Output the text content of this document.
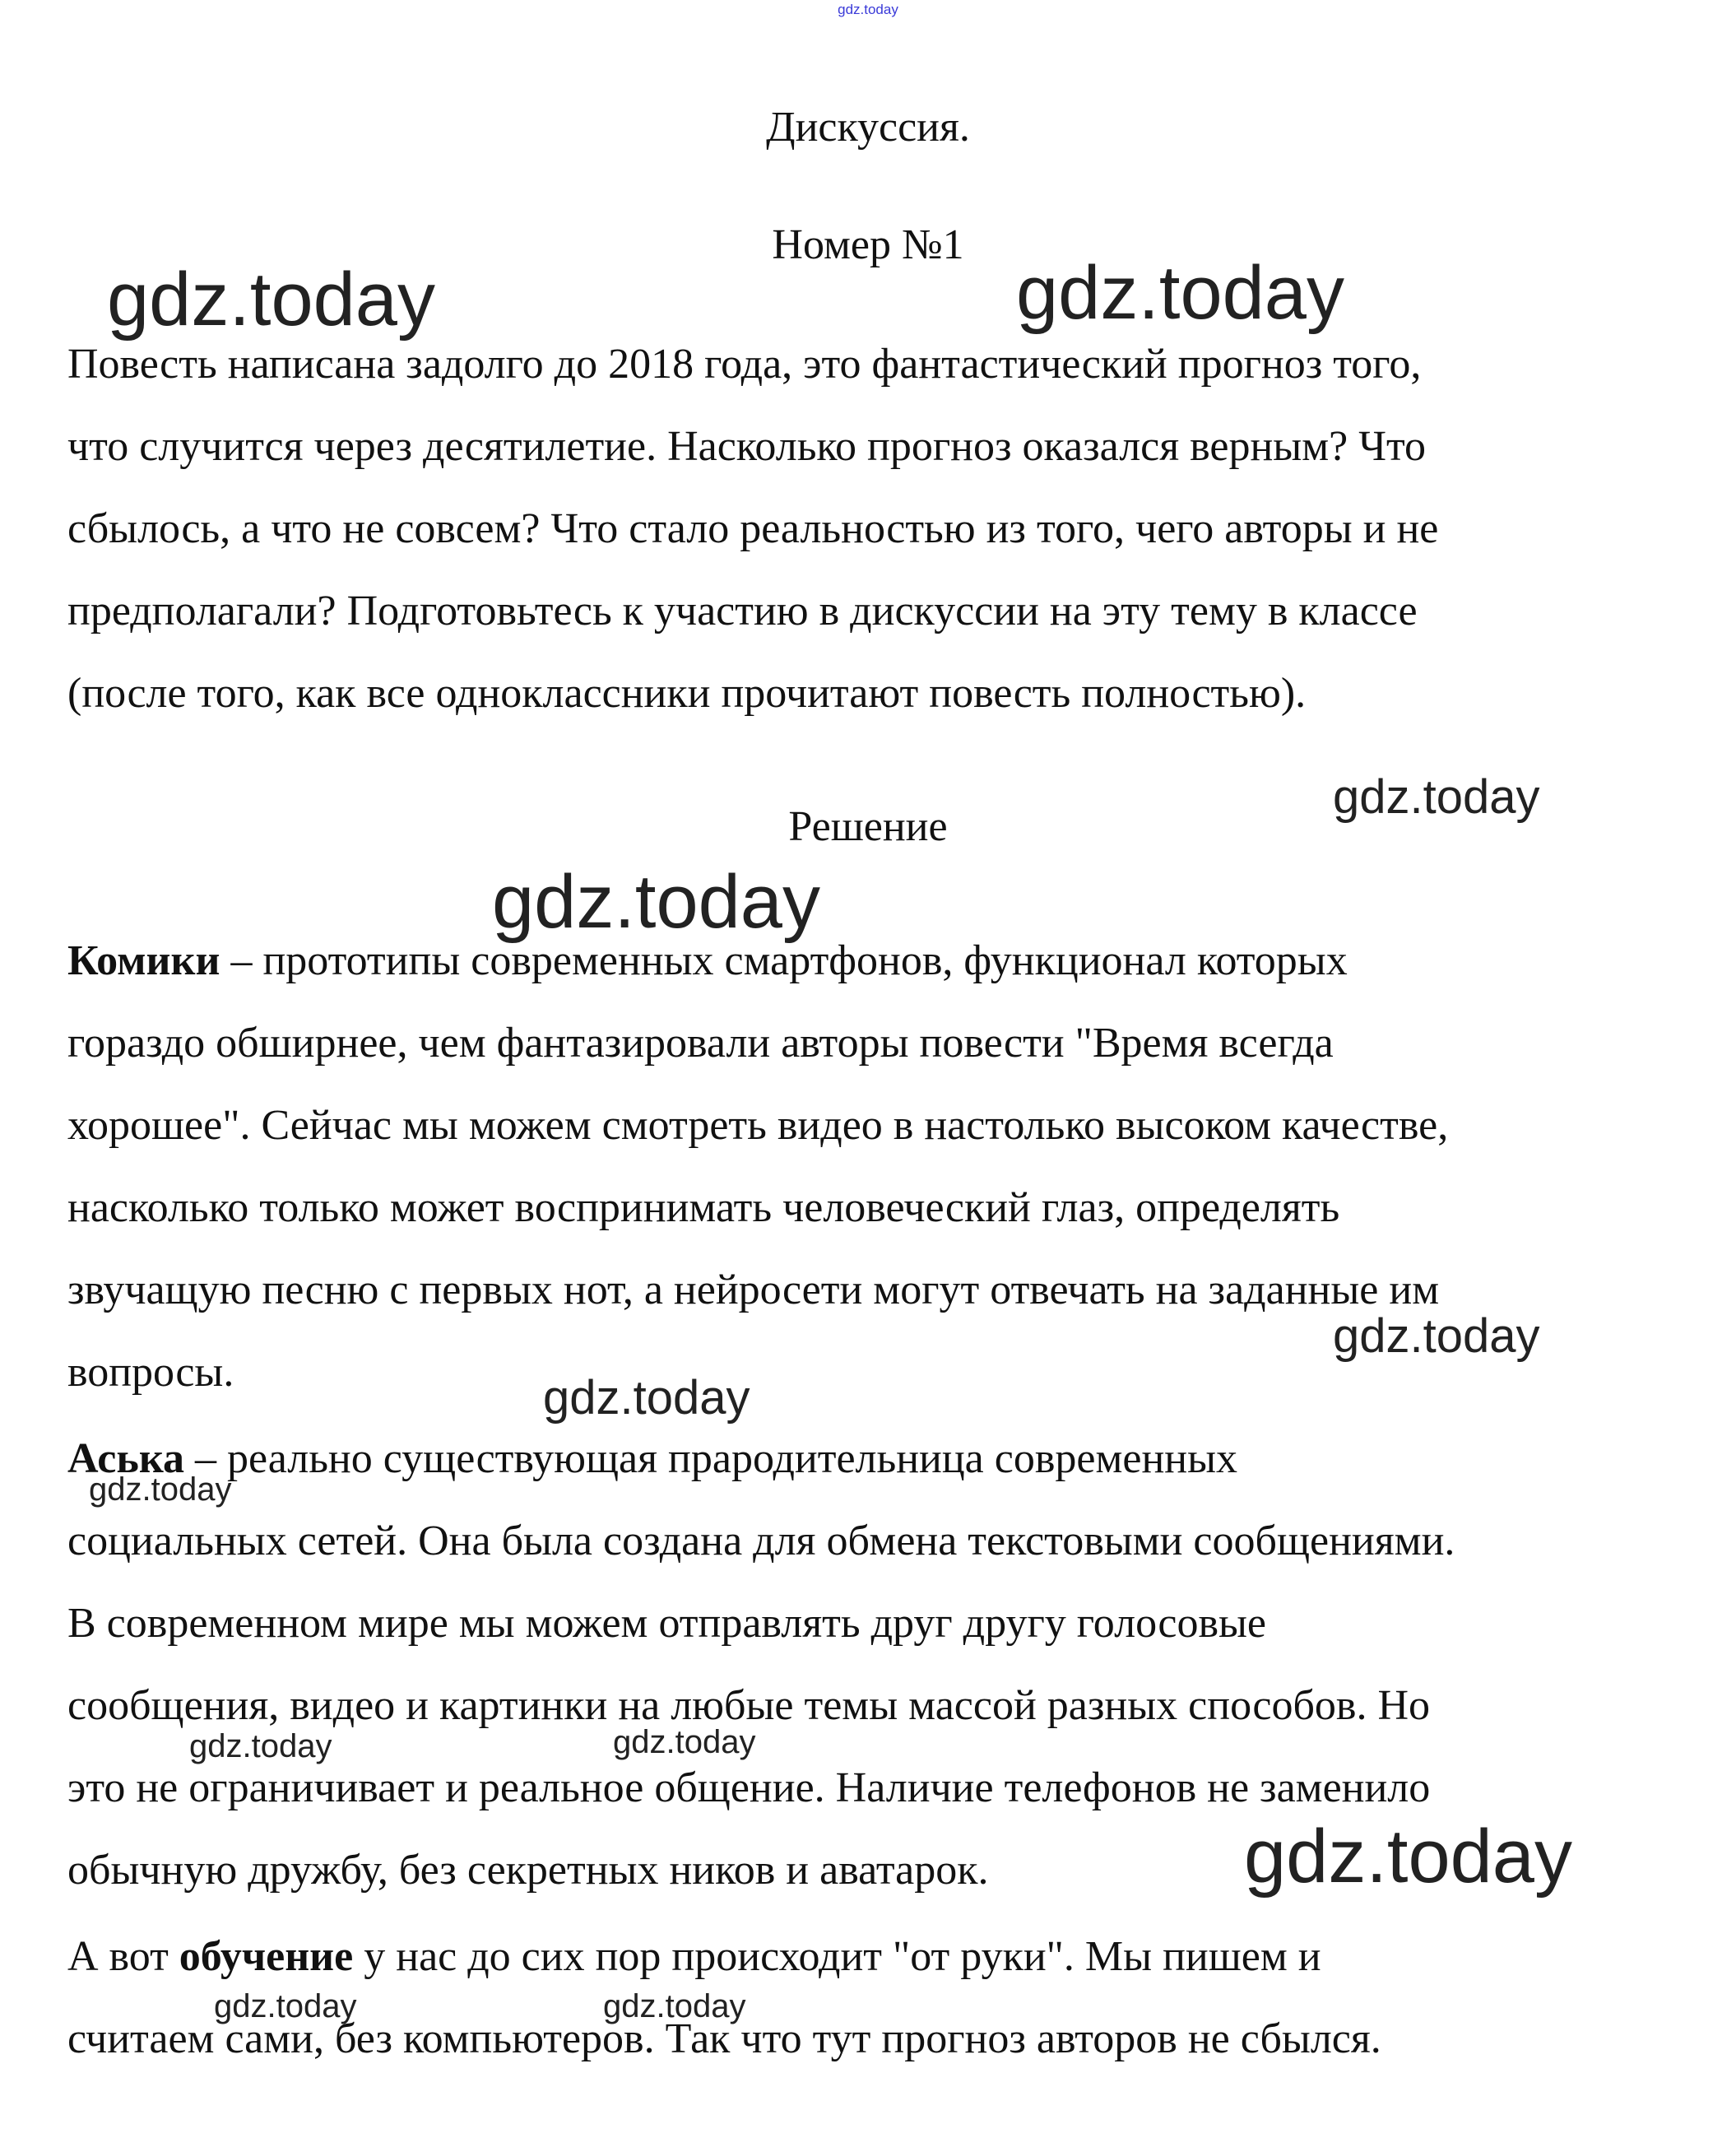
gdz.today
Дискуссия.
Номер №1

Повесть написана задолго до 2018 года, это фантастический прогноз того,
что случится через десятилетие. Насколько прогноз оказался верным? Что
сбылось, а что не совсем? Что стало реальностью из того, чего авторы и не
предполагали? Подготовьтесь к участию в дискуссии на эту тему в классе
(после того, как все одноклассники прочитают повесть полностью).

Решение

Комики – прототипы современных смартфонов, функционал которых
гораздо обширнее, чем фантазировали авторы повести "Время всегда
хорошее". Сейчас мы можем смотреть видео в настолько высоком качестве,
насколько только может воспринимать человеческий глаз, определять
звучащую песню с первых нот, а нейросети могут отвечать на заданные им
вопросы.

Аська – реально существующая прародительница современных
социальных сетей. Она была создана для обмена текстовыми сообщениями.
В современном мире мы можем отправлять друг другу голосовые
сообщения, видео и картинки на любые темы массой разных способов. Но
это не ограничивает и реальное общение. Наличие телефонов не заменило
обычную дружбу, без секретных ников и аватарок.

А вот обучение у нас до сих пор происходит "от руки". Мы пишем и
считаем сами, без компьютеров. Так что тут прогноз авторов не сбылся.

gdz.today	gdz.today
gdz.today
gdz.today
gdz.today
gdz.today
gdz.today
gdz.today	gdz.today
gdz.today
gdz.today	gdz.today
